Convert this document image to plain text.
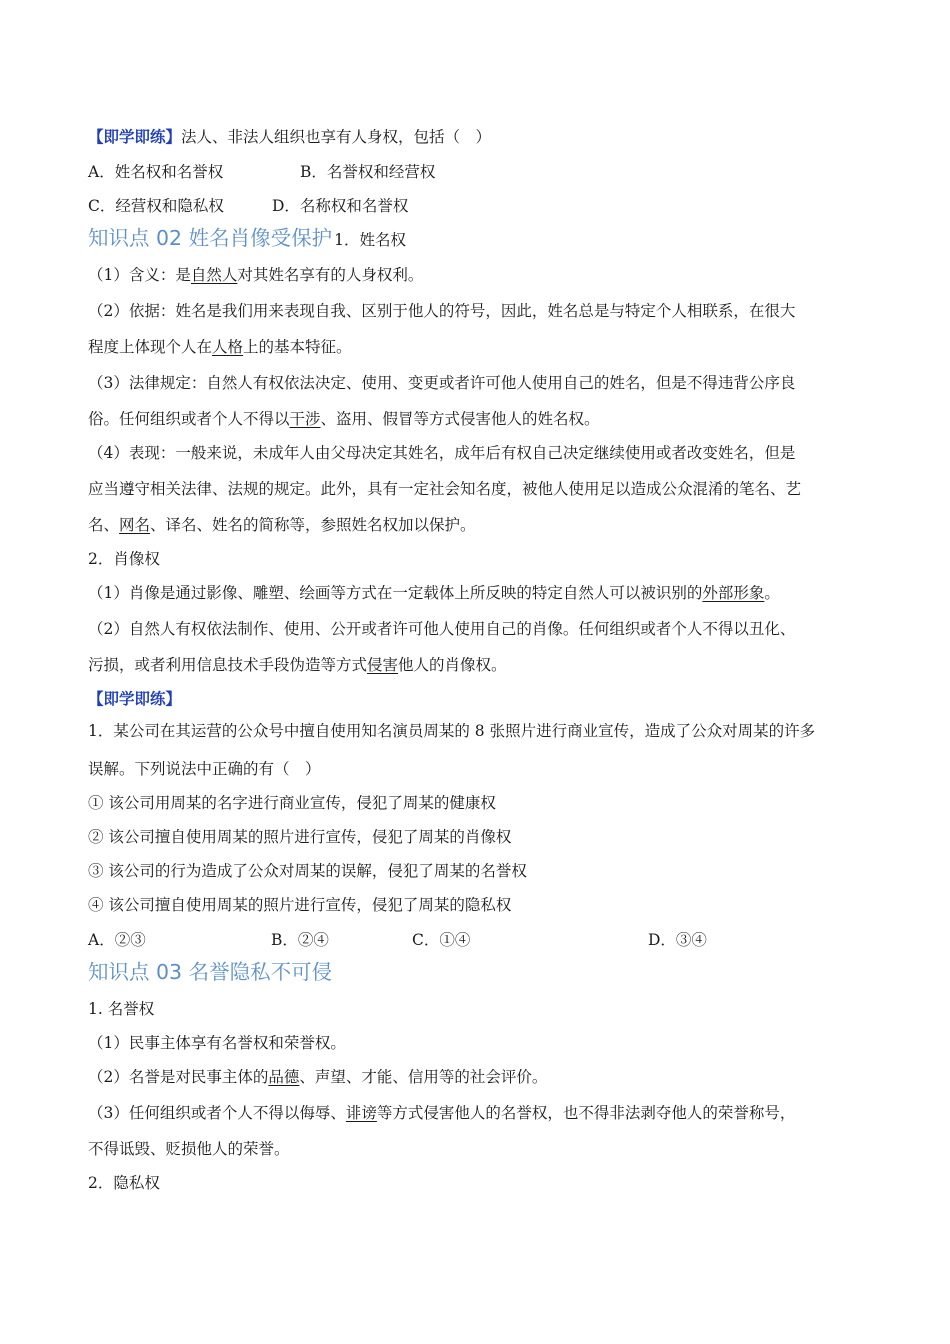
【即学即练】法人、非法人组织也享有人身权，包括（　）
A．姓名权和名誉权	B．名誉权和经营权
C．经营权和隐私权	D．名称权和名誉权
知识点 02 姓名肖像受保护 1．姓名权
（1）含义：是自然人对其姓名享有的人身权利。
（2）依据：姓名是我们用来表现自我、区别于他人的符号，因此，姓名总是与特定个人相联系，在很大
程度上体现个人在人格上的基本特征。
（3）法律规定：自然人有权依法决定、使用、变更或者许可他人使用自己的姓名，但是不得违背公序良
俗。任何组织或者个人不得以干涉、盗用、假冒等方式侵害他人的姓名权。
（4）表现：一般来说，未成年人由父母决定其姓名，成年后有权自己决定继续使用或者改变姓名，但是
应当遵守相关法律、法规的规定。此外，具有一定社会知名度，被他人使用足以造成公众混淆的笔名、艺
名、网名、译名、姓名的简称等，参照姓名权加以保护。
2．肖像权
（1）肖像是通过影像、雕塑、绘画等方式在一定载体上所反映的特定自然人可以被识别的外部形象。
（2）自然人有权依法制作、使用、公开或者许可他人使用自己的肖像。任何组织或者个人不得以丑化、
污损，或者利用信息技术手段伪造等方式侵害他人的肖像权。
【即学即练】
1．某公司在其运营的公众号中擅自使用知名演员周某的 8 张照片进行商业宣传，造成了公众对周某的许多
误解。下列说法中正确的有（　）
① 该公司用周某的名字进行商业宣传，侵犯了周某的健康权
② 该公司擅自使用周某的照片进行宣传，侵犯了周某的肖像权
③ 该公司的行为造成了公众对周某的误解，侵犯了周某的名誉权
④ 该公司擅自使用周某的照片进行宣传，侵犯了周某的隐私权
A．②③	B．②④	C．①④	D．③④
知识点 03 名誉隐私不可侵
1. 名誉权
（1）民事主体享有名誉权和荣誉权。
（2）名誉是对民事主体的品德、声望、才能、信用等的社会评价。
（3）任何组织或者个人不得以侮辱、诽谤等方式侵害他人的名誉权，也不得非法剥夺他人的荣誉称号，
不得诋毁、贬损他人的荣誉。
2．隐私权
